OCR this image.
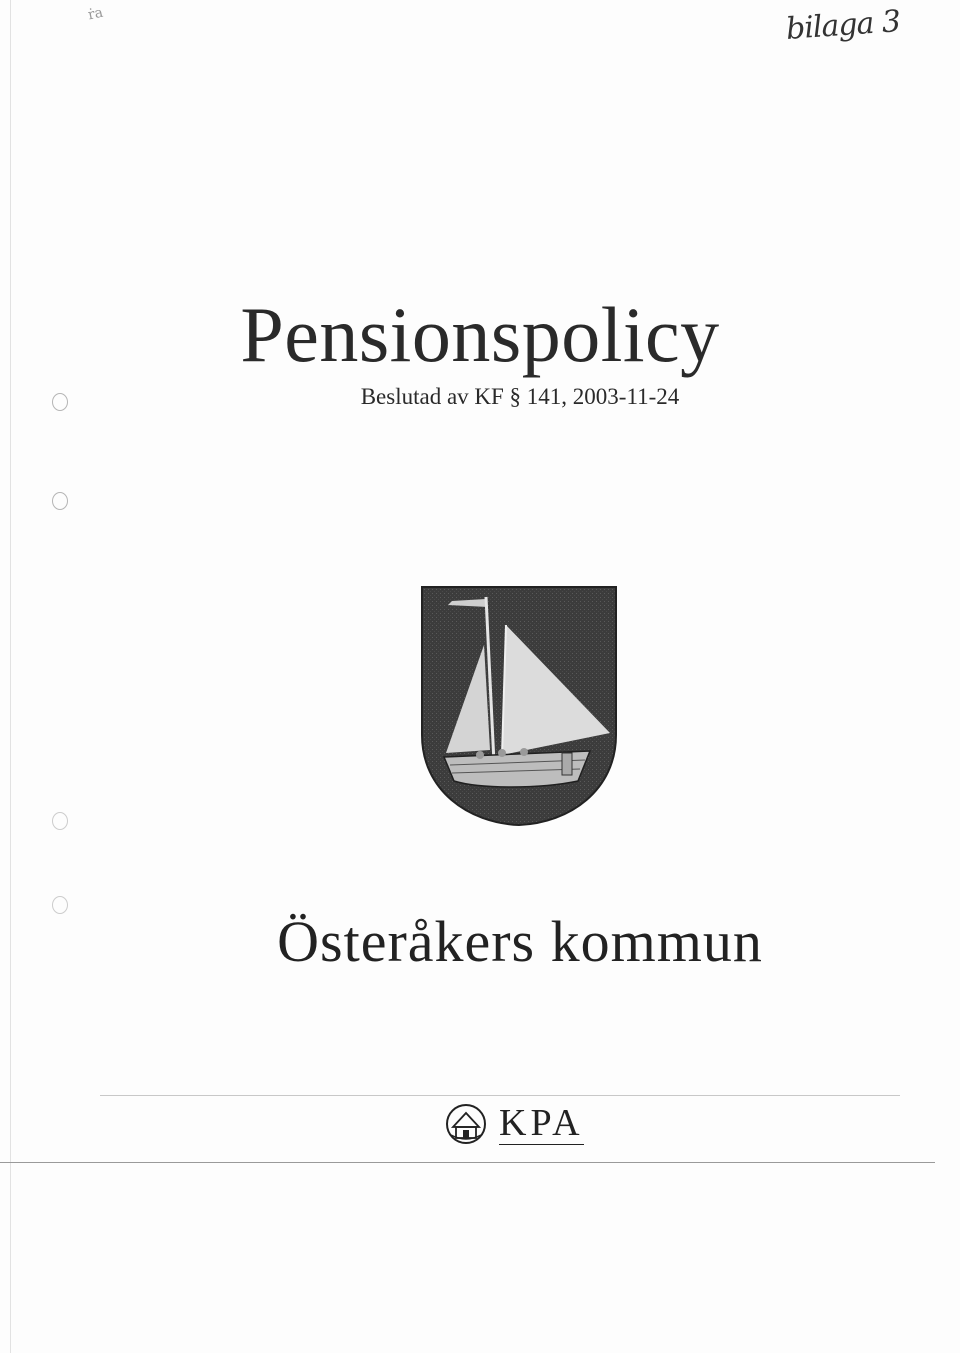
ṙa	bilaga 3
Pensionspolicy
Beslutad av KF § 141, 2003-11-24
Österåkers kommun
KPA
